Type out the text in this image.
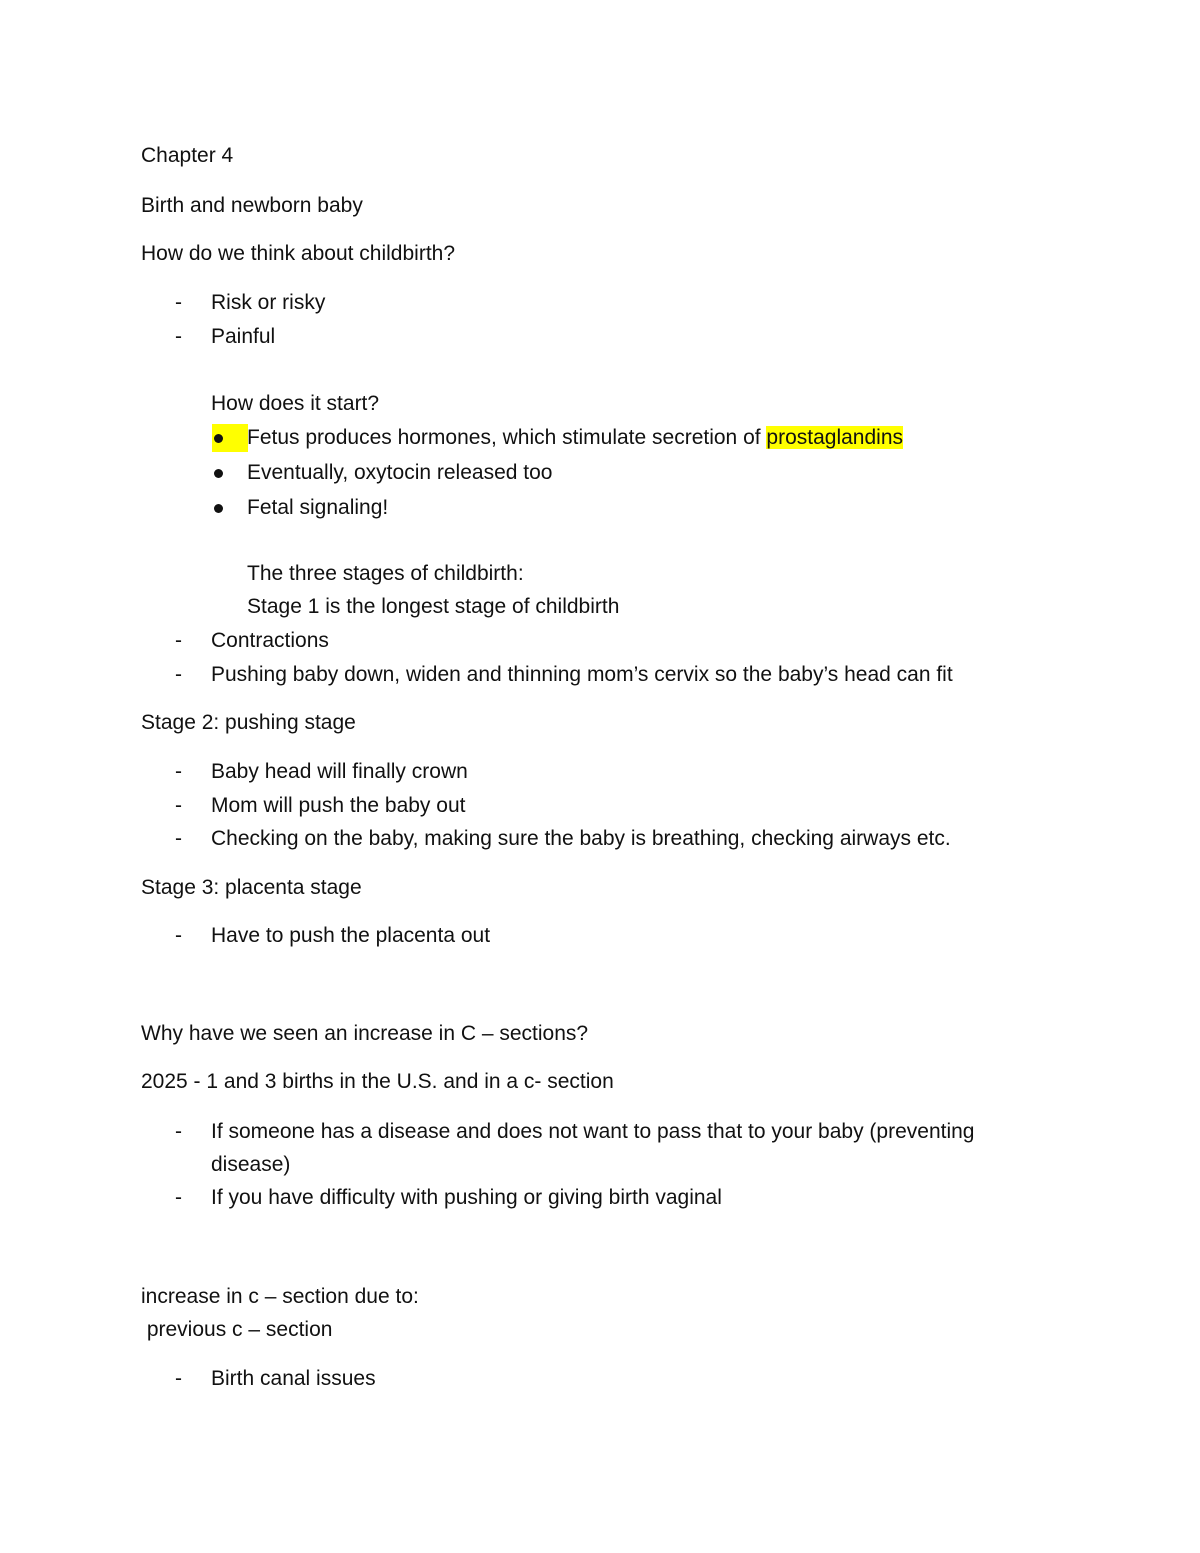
Chapter 4
Birth and newborn baby
How do we think about childbirth?
- Risk or risky
- Painful
How does it start?
Fetus produces hormones, which stimulate secretion of prostaglandins
Eventually, oxytocin released too
Fetal signaling!
The three stages of childbirth:
Stage 1 is the longest stage of childbirth
- Contractions
- Pushing baby down, widen and thinning mom’s cervix so the baby’s head can fit
Stage 2: pushing stage
- Baby head will finally crown
- Mom will push the baby out
- Checking on the baby, making sure the baby is breathing, checking airways etc.
Stage 3: placenta stage
- Have to push the placenta out
Why have we seen an increase in C – sections?
2025 - 1 and 3 births in the U.S. and in a c- section
- If someone has a disease and does not want to pass that to your baby (preventing
disease)
- If you have difficulty with pushing or giving birth vaginal
increase in c – section due to:
previous c – section
- Birth canal issues
